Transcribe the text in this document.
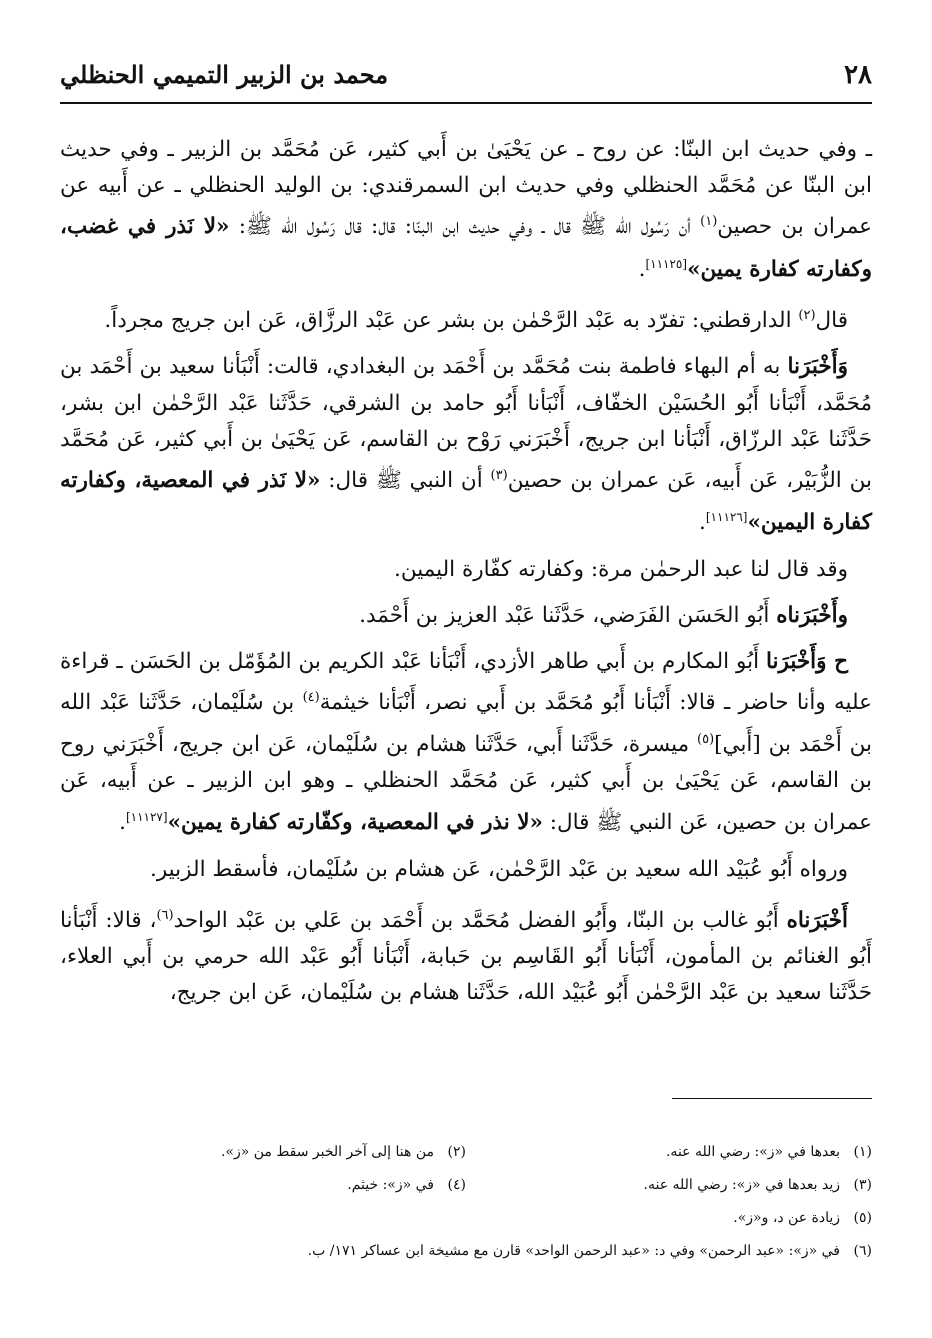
٢٨
محمد بن الزبير التميمي الحنظلي

ـ وفي حديث ابن البنّا: عن روح ـ عن يَحْيَىٰ بن أَبي كثير، عَن مُحَمَّد بن الزبير ـ وفي حديث ابن البنّا عن مُحَمَّد الحنظلي وفي حديث ابن السمرقندي: بن الوليد الحنظلي ـ عن أَبيه عن عمران بن حصين$^{(١)}$ أن رَسُول الله ﷺ قال ـ وفي حديث ابن البنّا: قال: قال رَسُول الله ﷺ: «لا نَذر في غضب، وكفارته كفارة يمين»[١١١٢٥].

قال$^{(٢)}$ الدارقطني: تفرّد به عَبْد الرَّحْمٰن بن بشر عن عَبْد الرزَّاق، عَن ابن جريج مجرداً.

وَأَخْبَرَنا به أم البهاء فاطمة بنت مُحَمَّد بن أَحْمَد بن البغدادي، قالت: أَنْبَأنا سعيد بن أَحْمَد بن مُحَمَّد، أَنْبَأنا أَبُو الحُسَيْن الخفّاف، أَنْبَأنا أَبُو حامد بن الشرقي، حَدَّثَنا عَبْد الرَّحْمٰن ابن بشر، حَدَّثَنا عَبْد الرزّاق، أَنْبَأنا ابن جريج، أَخْبَرَني رَوْح بن القاسم، عَن يَحْيَىٰ بن أَبي كثير، عَن مُحَمَّد بن الزُّبَيْر، عَن أَبيه، عَن عمران بن حصين$^{(٣)}$ أن النبي ﷺ قال: «لا نَذر في المعصية، وكفارته كفارة اليمين»[١١١٢٦].

وقد قال لنا عبد الرحمٰن مرة: وكفارته كفّارة اليمين.

وأَخْبَرَناه أَبُو الحَسَن الفَرَضي، حَدَّثَنا عَبْد العزيز بن أَحْمَد.

ح وَأَخْبَرَنا أَبُو المكارم بن أَبي طاهر الأزدي، أَنْبَأنا عَبْد الكريم بن المُؤَمّل بن الحَسَن ـ قراءة عليه وأنا حاضر ـ قالا: أَنْبَأنا أَبُو مُحَمَّد بن أَبي نصر، أَنْبَأنا خيثمة$^{(٤)}$ بن سُلَيْمان، حَدَّثَنا عَبْد الله بن أَحْمَد بن [أَبي]$^{(٥)}$ ميسرة، حَدَّثَنا أَبي، حَدَّثَنا هشام بن سُلَيْمان، عَن ابن جريج، أَخْبَرَني روح بن القاسم، عَن يَحْيَىٰ بن أَبي كثير، عَن مُحَمَّد الحنظلي ـ وهو ابن الزبير ـ عن أَبيه، عَن عمران بن حصين، عَن النبي ﷺ قال: «لا نذر في المعصية، وكفّارته كفارة يمين»[١١١٢٧].

ورواه أَبُو عُبَيْد الله سعيد بن عَبْد الرَّحْمٰن، عَن هشام بن سُلَيْمان، فأسقط الزبير.

أَخْبَرَناه أَبُو غالب بن البنّا، وأَبُو الفضل مُحَمَّد بن أَحْمَد بن عَلي بن عَبْد الواحد$^{(٦)}$، قالا: أَنْبَأنا أَبُو الغنائم بن المأمون، أَنْبَأنا أَبُو القَاسِم بن حَبابة، أَنْبَأنا أَبُو عَبْد الله حرمي بن أَبي العلاء، حَدَّثَنا سعيد بن عَبْد الرَّحْمٰن أَبُو عُبَيْد الله، حَدَّثَنا هشام بن سُلَيْمان، عَن ابن جريج،

(١)بعدها في «ز»: رضي الله عنه.
(٢)من هنا إلى آخر الخبر سقط من «ز».
(٣)زيد بعدها في «ز»: رضي الله عنه.
(٤)في «ز»: خيثم.
(٥)زيادة عن د، و«ز».
(٦)في «ز»: «عبد الرحمن» وفي د: «عبد الرحمن الواحد» قارن مع مشيخة ابن عساكر ١٧١/ ب.
